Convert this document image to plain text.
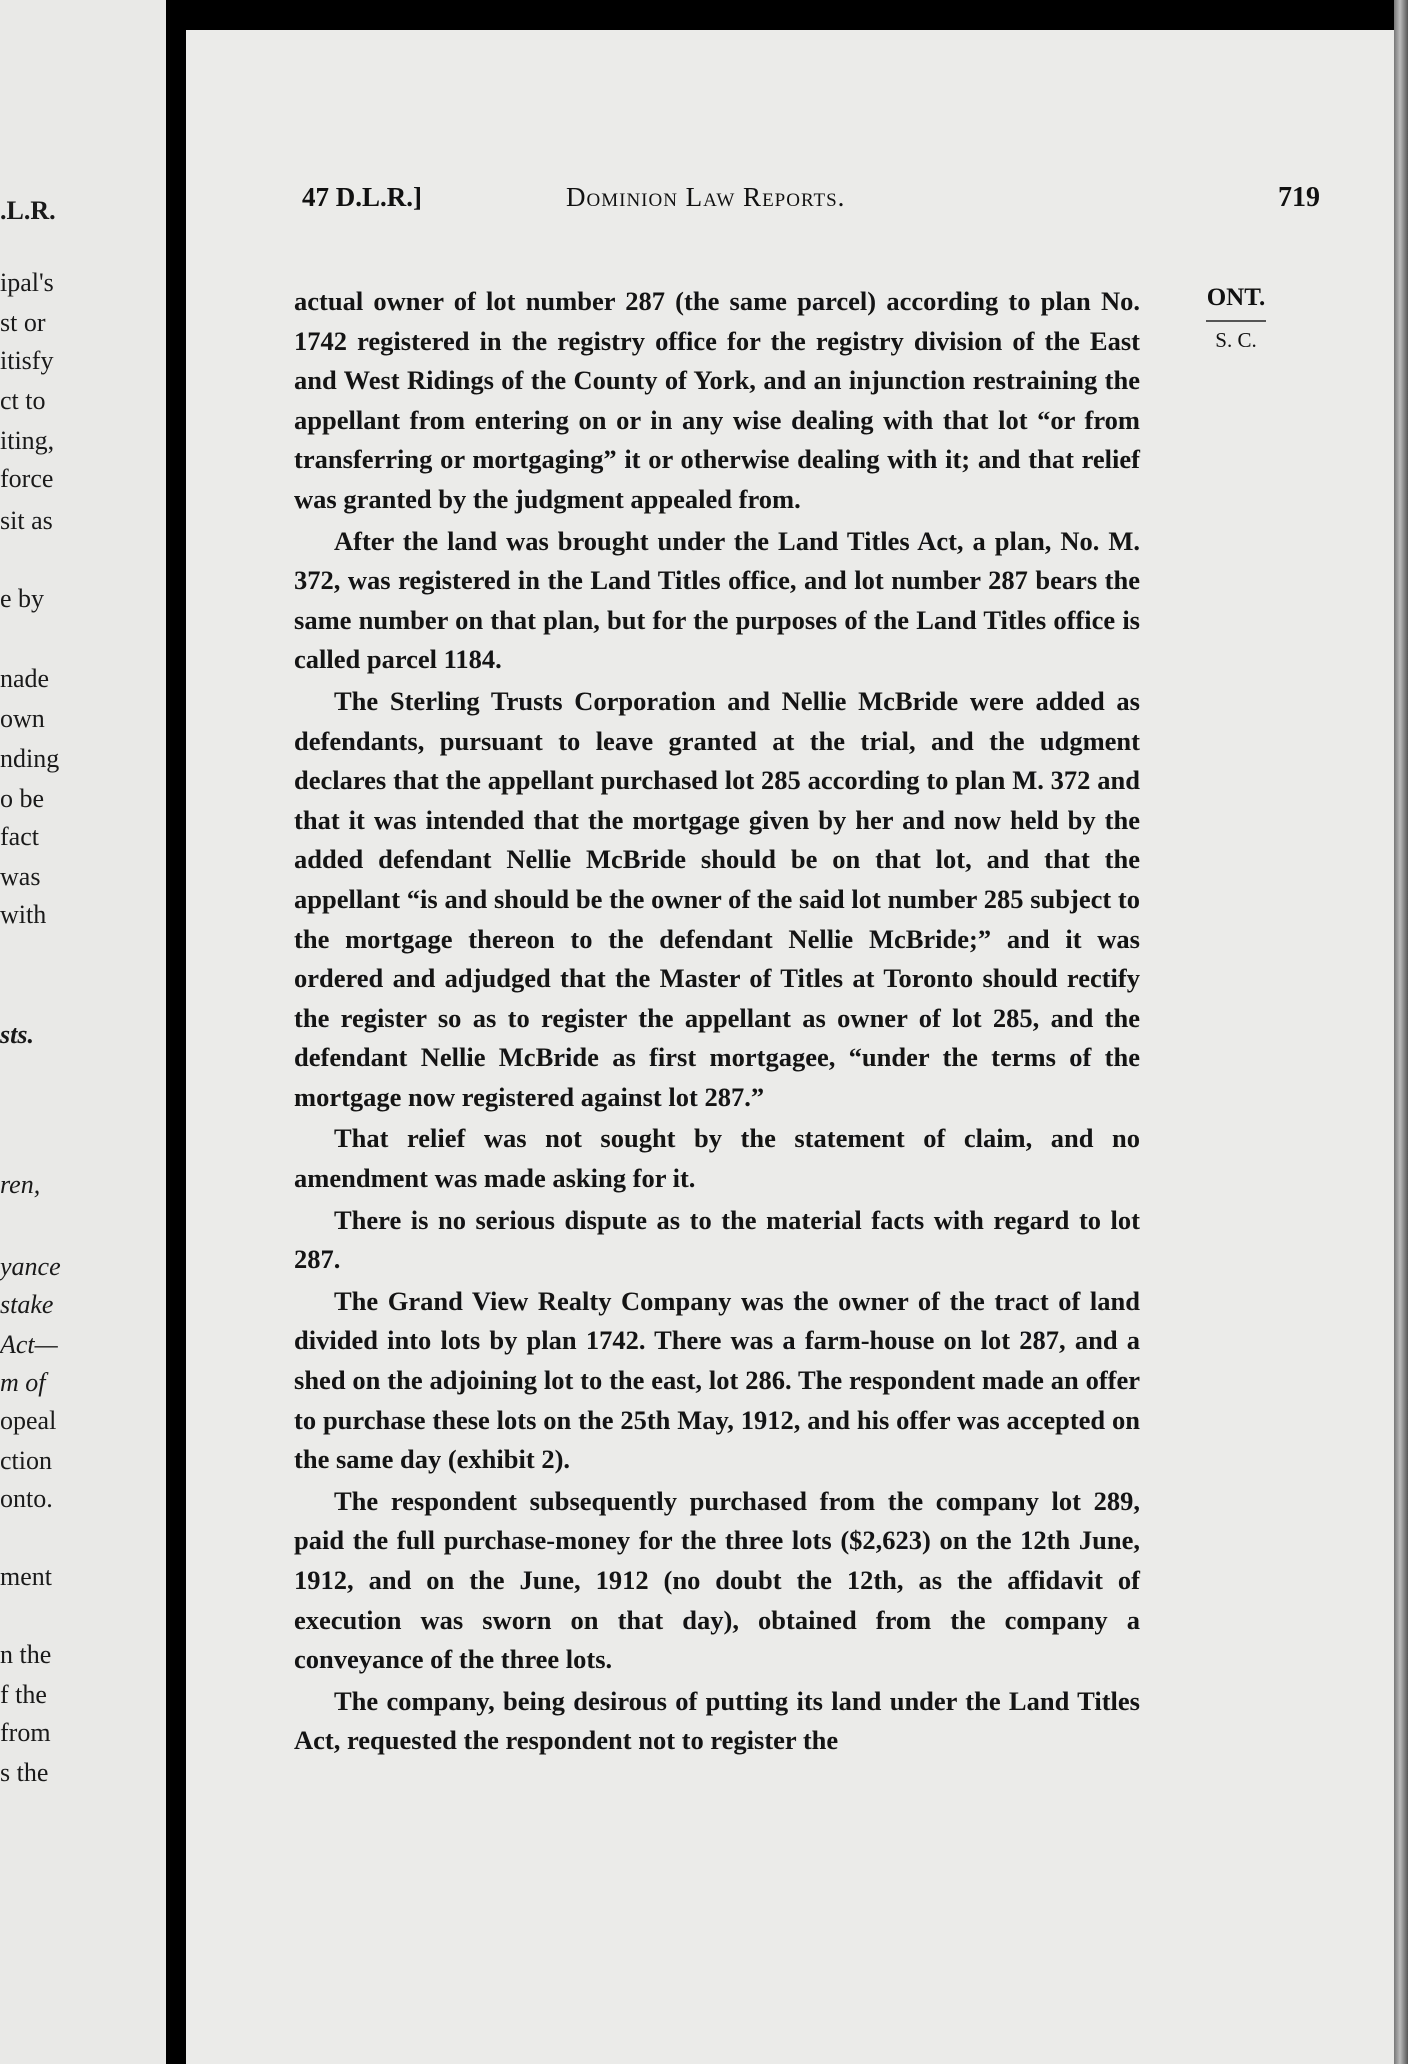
.L.R.
ipal's
st or
itisfy
ct to
iting,
force
sit as
e by
nade
own
nding
o be
fact
was
with
sts.
ren,
yance
stake
Act—
m of
opeal
ction
onto.
ment
n the
f the
from
s the
47 D.L.R.]	Dominion Law Reports.	719
ONT.
S. C.

actual owner of lot number 287 (the same parcel) according to plan No. 1742 registered in the registry office for the registry division of the East and West Ridings of the County of York, and an injunction restraining the appellant from entering on or in any wise dealing with that lot “or from transferring or mortgaging” it or otherwise dealing with it; and that relief was granted by the judgment appealed from.

After the land was brought under the Land Titles Act, a plan, No. M. 372, was registered in the Land Titles office, and lot number 287 bears the same number on that plan, but for the purposes of the Land Titles office is called parcel 1184.

The Sterling Trusts Corporation and Nellie McBride were added as defendants, pursuant to leave granted at the trial, and the udgment declares that the appellant purchased lot 285 according to plan M. 372 and that it was intended that the mortgage given by her and now held by the added defendant Nellie McBride should be on that lot, and that the appellant “is and should be the owner of the said lot number 285 subject to the mortgage thereon to the defendant Nellie McBride;” and it was ordered and adjudged that the Master of Titles at Toronto should rectify the register so as to register the appellant as owner of lot 285, and the defendant Nellie McBride as first mortgagee, “under the terms of the mortgage now registered against lot 287.”

That relief was not sought by the statement of claim, and no amendment was made asking for it.

There is no serious dispute as to the material facts with regard to lot 287.

The Grand View Realty Company was the owner of the tract of land divided into lots by plan 1742. There was a farm-house on lot 287, and a shed on the adjoining lot to the east, lot 286. The respondent made an offer to purchase these lots on the 25th May, 1912, and his offer was accepted on the same day (exhibit 2).

The respondent subsequently purchased from the company lot 289, paid the full purchase-money for the three lots ($2,623) on the 12th June, 1912, and on the June, 1912 (no doubt the 12th, as the affidavit of execution was sworn on that day), obtained from the company a conveyance of the three lots.

The company, being desirous of putting its land under the Land Titles Act, requested the respondent not to register the
